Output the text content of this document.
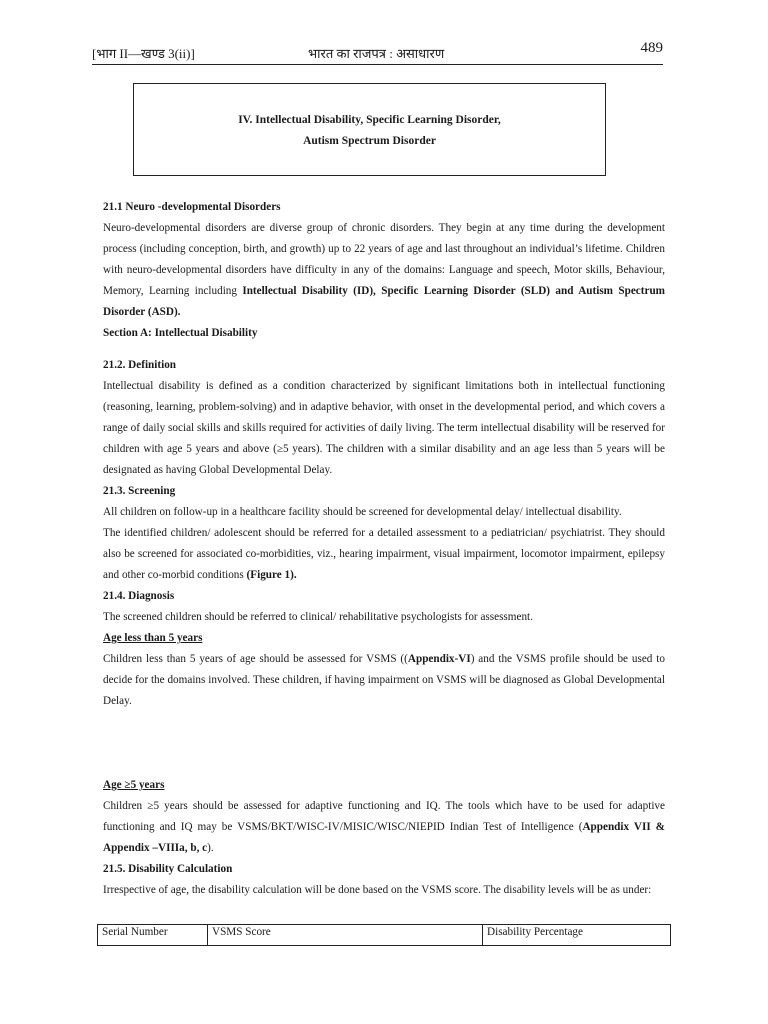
[भाग II—खण्ड 3(ii)]	भारत का राजपत्र : असाधारण	489
IV. Intellectual Disability, Specific Learning Disorder,
Autism Spectrum Disorder

21.1 Neuro -developmental Disorders

Neuro-developmental disorders are diverse group of chronic disorders. They begin at any time during the development process (including conception, birth, and growth) up to 22 years of age and last throughout an individual’s lifetime. Children with neuro-developmental disorders have difficulty in any of the domains: Language and speech, Motor skills, Behaviour, Memory, Learning including Intellectual Disability (ID), Specific Learning Disorder (SLD) and Autism Spectrum Disorder (ASD).

Section A: Intellectual Disability

21.2. Definition

Intellectual disability is defined as a condition characterized by significant limitations both in intellectual functioning (reasoning, learning, problem-solving) and in adaptive behavior, with onset in the developmental period, and which covers a range of daily social skills and skills required for activities of daily living. The term intellectual disability will be reserved for children with age 5 years and above (≥5 years). The children with a similar disability and an age less than 5 years will be designated as having Global Developmental Delay.

21.3. Screening

All children on follow-up in a healthcare facility should be screened for developmental delay/ intellectual disability.

The identified children/ adolescent should be referred for a detailed assessment to a pediatrician/ psychiatrist. They should also be screened for associated co-morbidities, viz., hearing impairment, visual impairment, locomotor impairment, epilepsy and other co-morbid conditions (Figure 1).

21.4. Diagnosis

The screened children should be referred to clinical/ rehabilitative psychologists for assessment.

Age less than 5 years

Children less than 5 years of age should be assessed for VSMS ((Appendix-VI) and the VSMS profile should be used to decide for the domains involved. These children, if having impairment on VSMS will be diagnosed as Global Developmental Delay.

Age ≥5 years

Children ≥5 years should be assessed for adaptive functioning and IQ. The tools which have to be used for adaptive functioning and IQ may be VSMS/BKT/WISC-IV/MISIC/WISC/NIEPID Indian Test of Intelligence (Appendix VII & Appendix –VIIIa, b, c).

21.5. Disability Calculation

Irrespective of age, the disability calculation will be done based on the VSMS score. The disability levels will be as under:

Serial Number	VSMS Score	Disability Percentage
